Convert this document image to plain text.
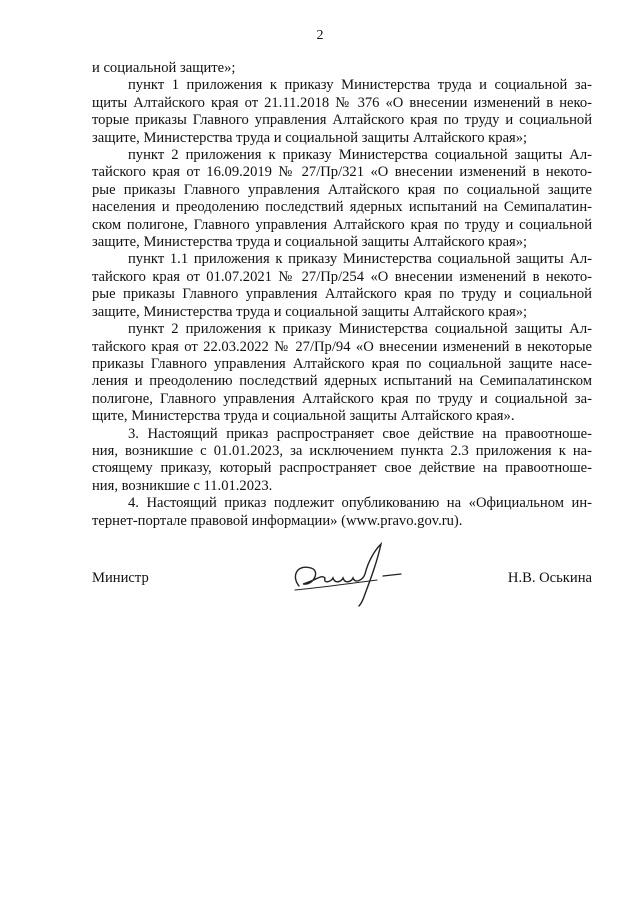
2
и социальной защите»;
пункт 1 приложения к приказу Министерства труда и социальной за-
щиты Алтайского края от 21.11.2018 № 376 «О внесении изменений в неко-
торые приказы Главного управления Алтайского края по труду и социальной
защите, Министерства труда и социальной защиты Алтайского края»;
пункт 2 приложения к приказу Министерства социальной защиты Ал-
тайского края от 16.09.2019 № 27/Пр/321 «О внесении изменений в некото-
рые приказы Главного управления Алтайского края по социальной защите
населения и преодолению последствий ядерных испытаний на Семипалатин-
ском полигоне, Главного управления Алтайского края по труду и социальной
защите, Министерства труда и социальной защиты Алтайского края»;
пункт 1.1 приложения к приказу Министерства социальной защиты Ал-
тайского края от 01.07.2021 № 27/Пр/254 «О внесении изменений в некото-
рые приказы Главного управления Алтайского края по труду и социальной
защите, Министерства труда и социальной защиты Алтайского края»;
пункт 2 приложения к приказу Министерства социальной защиты Ал-
тайского края от 22.03.2022 № 27/Пр/94 «О внесении изменений в некоторые
приказы Главного управления Алтайского края по социальной защите насе-
ления и преодолению последствий ядерных испытаний на Семипалатинском
полигоне, Главного управления Алтайского края по труду и социальной за-
щите, Министерства труда и социальной защиты Алтайского края».
3. Настоящий приказ распространяет свое действие на правоотноше-
ния, возникшие с 01.01.2023, за исключением пункта 2.3 приложения к на-
стоящему приказу, который распространяет свое действие на правоотноше-
ния, возникшие с 11.01.2023.
4. Настоящий приказ подлежит опубликованию на «Официальном ин-
тернет-портале правовой информации» (www.pravo.gov.ru).
Министр	Н.В. Оськина
